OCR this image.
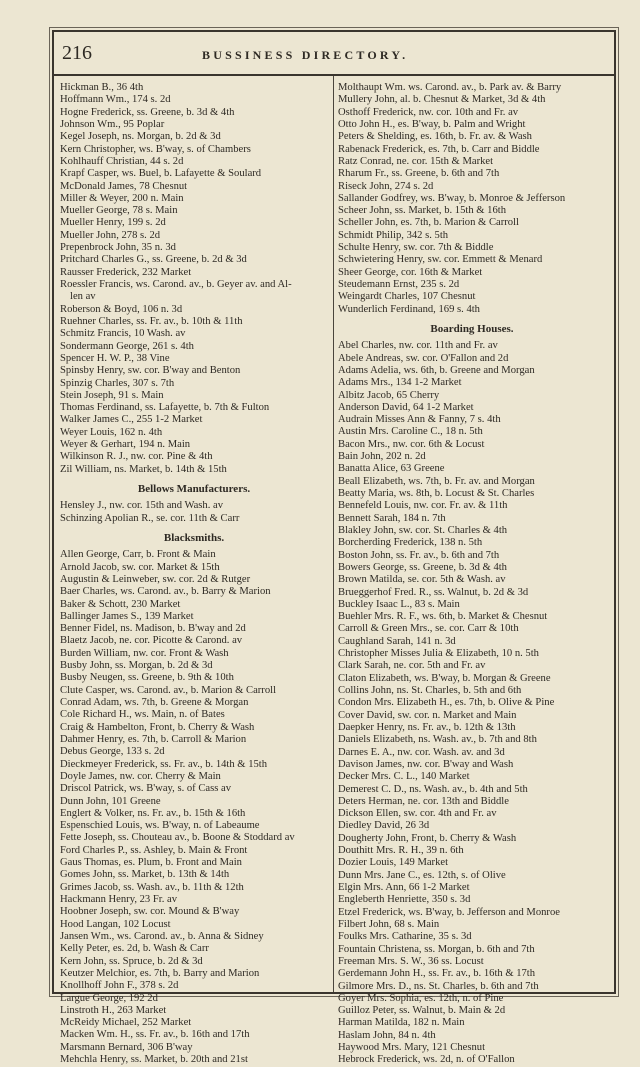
216	BUSSINESS DIRECTORY.
Hickman B., 36 4th
Hoffmann Wm., 174 s. 2d
Hogne Frederick, ss. Greene, b. 3d & 4th
Johnson Wm., 95 Poplar
Kegel Joseph, ns. Morgan, b. 2d & 3d
Kern Christopher, ws. B'way, s. of Chambers
Kohlhauff Christian, 44 s. 2d
Krapf Casper, ws. Buel, b. Lafayette & Soulard
McDonald James, 78 Chesnut
Miller & Weyer, 200 n. Main
Mueller George, 78 s. Main
Mueller Henry, 199 s. 2d
Mueller John, 278 s. 2d
Prepenbrock John, 35 n. 3d
Pritchard Charles G., ss. Greene, b. 2d & 3d
Rausser Frederick, 232 Market
Roessler Francis, ws. Carond. av., b. Geyer av. and Al-
len av
Roberson & Boyd, 106 n. 3d
Ruehner Charles, ss. Fr. av., b. 10th & 11th
Schmitz Francis, 10 Wash. av
Sondermann George, 261 s. 4th
Spencer H. W. P., 38 Vine
Spinsby Henry, sw. cor. B'way and Benton
Spinzig Charles, 307 s. 7th
Stein Joseph, 91 s. Main
Thomas Ferdinand, ss. Lafayette, b. 7th & Fulton
Walker James C., 255 1-2 Market
Weyer Louis, 162 n. 4th
Weyer & Gerhart, 194 n. Main
Wilkinson R. J., nw. cor. Pine & 4th
Zil William, ns. Market, b. 14th & 15th
Bellows Manufacturers.
Hensley J., nw. cor. 15th and Wash. av
Schinzing Apolian R., se. cor. 11th & Carr
Blacksmiths.
Allen George, Carr, b. Front & Main
Arnold Jacob, sw. cor. Market & 15th
Augustin & Leinweber, sw. cor. 2d & Rutger
Baer Charles, ws. Carond. av., b. Barry & Marion
Baker & Schott, 230 Market
Ballinger James S., 139 Market
Benner Fidel, ns. Madison, b. B'way and 2d
Blaetz Jacob, ne. cor. Picotte & Carond. av
Burden William, nw. cor. Front & Wash
Busby John, ss. Morgan, b. 2d & 3d
Busby Neugen, ss. Greene, b. 9th & 10th
Clute Casper, ws. Carond. av., b. Marion & Carroll
Conrad Adam, ws. 7th, b. Greene & Morgan
Cole Richard H., ws. Main, n. of Bates
Craig & Hambelton, Front, b. Cherry & Wash
Dahmer Henry, es. 7th, b. Carroll & Marion
Debus George, 133 s. 2d
Dieckmeyer Frederick, ss. Fr. av., b. 14th & 15th
Doyle James, nw. cor. Cherry & Main
Driscol Patrick, ws. B'way, s. of Cass av
Dunn John, 101 Greene
Englert & Volker, ns. Fr. av., b. 15th & 16th
Espenschied Louis, ws. B'way, n. of Labeaume
Fette Joseph, ss. Chouteau av., b. Boone & Stoddard av
Ford Charles P., ss. Ashley, b. Main & Front
Gaus Thomas, es. Plum, b. Front and Main
Gomes John, ss. Market, b. 13th & 14th
Grimes Jacob, ss. Wash. av., b. 11th & 12th
Hackmann Henry, 23 Fr. av
Hoobner Joseph, sw. cor. Mound & B'way
Hood Langan, 102 Locust
Jansen Wm., ws. Carond. av., b. Anna & Sidney
Kelly Peter, es. 2d, b. Wash & Carr
Kern John, ss. Spruce, b. 2d & 3d
Keutzer Melchior, es. 7th, b. Barry and Marion
Knollhoff John F., 378 s. 2d
Largue George, 192 2d
Linstroth H., 263 Market
McReidy Michael, 252 Market
Macken Wm. H., ss. Fr. av., b. 16th and 17th
Marsmann Bernard, 306 B'way
Mehchla Henry, ss. Market, b. 20th and 21st
Molthaupt Wm. ws. Carond. av., b. Park av. & Barry
Mullery John, al. b. Chesnut & Market, 3d & 4th
Osthoff Frederick, nw. cor. 10th and Fr. av
Otto John H., es. B'way, b. Palm and Wright
Peters & Shelding, es. 16th, b. Fr. av. & Wash
Rabenack Frederick, es. 7th, b. Carr and Biddle
Ratz Conrad, ne. cor. 15th & Market
Rharum Fr., ss. Greene, b. 6th and 7th
Riseck John, 274 s. 2d
Sallander Godfrey, ws. B'way, b. Monroe & Jefferson
Scheer John, ss. Market, b. 15th & 16th
Scheller John, es. 7th, b. Marion & Carroll
Schmidt Philip, 342 s. 5th
Schulte Henry, sw. cor. 7th & Biddle
Schwietering Henry, sw. cor. Emmett & Menard
Sheer George, cor. 16th & Market
Steudemann Ernst, 235 s. 2d
Weingardt Charles, 107 Chesnut
Wunderlich Ferdinand, 169 s. 4th
Boarding Houses.
Abel Charles, nw. cor. 11th and Fr. av
Abele Andreas, sw. cor. O'Fallon and 2d
Adams Adelia, ws. 6th, b. Greene and Morgan
Adams Mrs., 134 1-2 Market
Albitz Jacob, 65 Cherry
Anderson David, 64 1-2 Market
Audrain Misses Ann & Fanny, 7 s. 4th
Austin Mrs. Caroline C., 18 n. 5th
Bacon Mrs., nw. cor. 6th & Locust
Bain John, 202 n. 2d
Banatta Alice, 63 Greene
Beall Elizabeth, ws. 7th, b. Fr. av. and Morgan
Beatty Maria, ws. 8th, b. Locust & St. Charles
Bennefeld Louis, nw. cor. Fr. av. & 11th
Bennett Sarah, 184 n. 7th
Blakley John, sw. cor. St. Charles & 4th
Borcherding Frederick, 138 n. 5th
Boston John, ss. Fr. av., b. 6th and 7th
Bowers George, ss. Greene, b. 3d & 4th
Brown Matilda, se. cor. 5th & Wash. av
Brueggerhof Fred. R., ss. Walnut, b. 2d & 3d
Buckley Isaac L., 83 s. Main
Buehler Mrs. R. F., ws. 6th, b. Market & Chesnut
Carroll & Green Mrs., se. cor. Carr & 10th
Caughland Sarah, 141 n. 3d
Christopher Misses Julia & Elizabeth, 10 n. 5th
Clark Sarah, ne. cor. 5th and Fr. av
Claton Elizabeth, ws. B'way, b. Morgan & Greene
Collins John, ns. St. Charles, b. 5th and 6th
Condon Mrs. Elizabeth H., es. 7th, b. Olive & Pine
Cover David, sw. cor. n. Market and Main
Daepker Henry, ns. Fr. av., b. 12th & 13th
Daniels Elizabeth, ns. Wash. av., b. 7th and 8th
Darnes E. A., nw. cor. Wash. av. and 3d
Davison James, nw. cor. B'way and Wash
Decker Mrs. C. L., 140 Market
Demerest C. D., ns. Wash. av., b. 4th and 5th
Deters Herman, ne. cor. 13th and Biddle
Dickson Ellen, sw. cor. 4th and Fr. av
Diedley David, 26 3d
Dougherty John, Front, b. Cherry & Wash
Douthitt Mrs. R. H., 39 n. 6th
Dozier Louis, 149 Market
Dunn Mrs. Jane C., es. 12th, s. of Olive
Elgin Mrs. Ann, 66 1-2 Market
Engleberth Henriette, 350 s. 3d
Etzel Frederick, ws. B'way, b. Jefferson and Monroe
Filbert John, 68 s. Main
Foulks Mrs. Catharine, 35 s. 3d
Fountain Christena, ss. Morgan, b. 6th and 7th
Freeman Mrs. S. W., 36 ss. Locust
Gerdemann John H., ss. Fr. av., b. 16th & 17th
Gilmore Mrs. D., ns. St. Charles, b. 6th and 7th
Goyer Mrs. Sophia, es. 12th, n. of Pine
Guilloz Peter, ss. Walnut, b. Main & 2d
Harman Matilda, 182 n. Main
Haslam John, 84 n. 4th
Haywood Mrs. Mary, 121 Chesnut
Hebrock Frederick, ws. 2d, n. of O'Fallon
